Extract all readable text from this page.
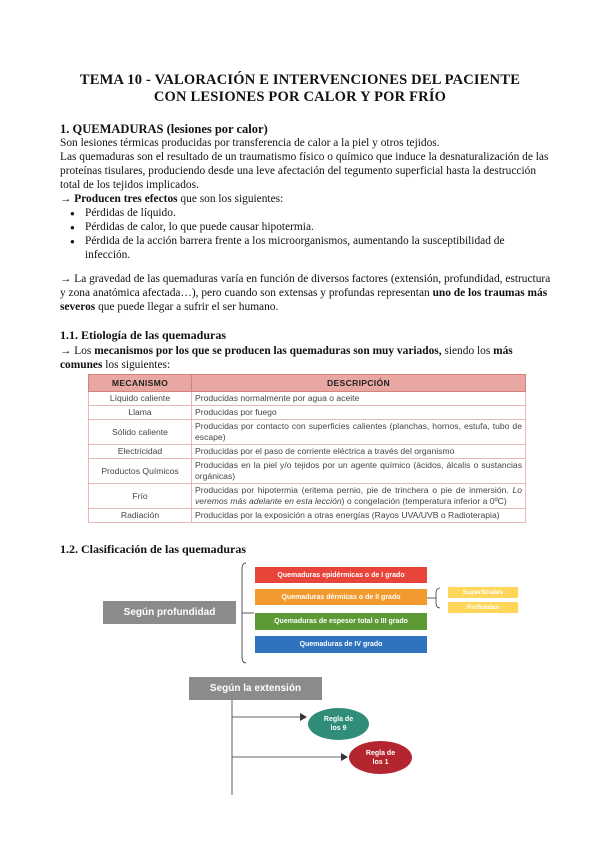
TEMA 10 - VALORACIÓN E INTERVENCIONES DEL PACIENTE
CON LESIONES POR CALOR Y POR FRÍO
1. QUEMADURAS (lesiones por calor)
Son lesiones térmicas producidas por transferencia de calor a la piel y otros tejidos.
Las quemaduras son el resultado de un traumatismo físico o químico que induce la desnaturalización de las proteínas tisulares, produciendo desde una leve afectación del tegumento superficial hasta la destrucción total de los tejidos implicados.
→ Producen tres efectos que son los siguientes:
● Pérdidas de líquido.
● Pérdidas de calor, lo que puede causar hipotermia.
● Pérdida de la acción barrera frente a los microorganismos, aumentando la susceptibilidad de infección.
→ La gravedad de las quemaduras varía en función de diversos factores (extensión, profundidad, estructura y zona anatómica afectada…), pero cuando son extensas y profundas representan uno de los traumas más severos que puede llegar a sufrir el ser humano.
1.1. Etiología de las quemaduras
→ Los mecanismos por los que se producen las quemaduras son muy variados, siendo los más comunes los siguientes:
MECANISMO	DESCRIPCIÓN
Líquido caliente	Producidas normalmente por agua o aceite
Llama	Producidas por fuego
Sólido caliente	Producidas por contacto con superficies calientes (planchas, hornos, estufa, tubo de escape)
Electricidad	Producidas por el paso de corriente eléctrica a través del organismo
Productos Químicos	Producidas en la piel y/o tejidos por un agente químico (ácidos, álcalis o sustancias orgánicas)
Frío	Producidas por hipotermia (eritema pernio, pie de trinchera o pie de inmersión. Lo veremos más adelante en esta lección) o congelación (temperatura inferior a 0ºC)
Radiación	Producidas por la exposición a otras energías (Rayos UVA/UVB o Radioterapia)
1.2. Clasificación de las quemaduras
Según profundidad
Quemaduras epidérmicas o de I grado
Quemaduras dérmicas o de II grado
Quemaduras de espesor total o III grado
Quemaduras de IV grado
Superficiales
Profundas
Según la extensión
Regla de los 9
Regla de los 1
